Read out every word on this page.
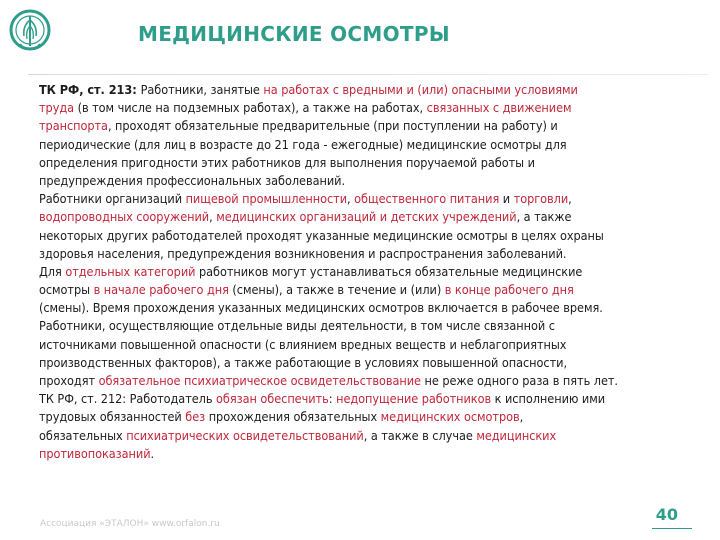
МЕДИЦИНСКИЕ ОСМОТРЫ
ТК РФ, ст. 213: Работники, занятые на работах с вредными и (или) опасными условиями
труда (в том числе на подземных работах), а также на работах, связанных с движением
транспорта, проходят обязательные предварительные (при поступлении на работу) и
периодические (для лиц в возрасте до 21 года - ежегодные) медицинские осмотры для
определения пригодности этих работников для выполнения поручаемой работы и
предупреждения профессиональных заболеваний.
Работники организаций пищевой промышленности, общественного питания и торговли,
водопроводных сооружений, медицинских организаций и детских учреждений, а также
некоторых других работодателей проходят указанные медицинские осмотры в целях охраны
здоровья населения, предупреждения возникновения и распространения заболеваний.
Для отдельных категорий работников могут устанавливаться обязательные медицинские
осмотры в начале рабочего дня (смены), а также в течение и (или) в конце рабочего дня
(смены). Время прохождения указанных медицинских осмотров включается в рабочее время.
Работники, осуществляющие отдельные виды деятельности, в том числе связанной с
источниками повышенной опасности (с влиянием вредных веществ и неблагоприятных
производственных факторов), а также работающие в условиях повышенной опасности,
проходят обязательное психиатрическое освидетельствование не реже одного раза в пять лет.
ТК РФ, ст. 212: Работодатель обязан обеспечить: недопущение работников к исполнению ими
трудовых обязанностей без прохождения обязательных медицинских осмотров,
обязательных психиатрических освидетельствований, а также в случае медицинских
противопоказаний.
Ассоциация «ЭТАЛОН» www.orfalon.ru	40
